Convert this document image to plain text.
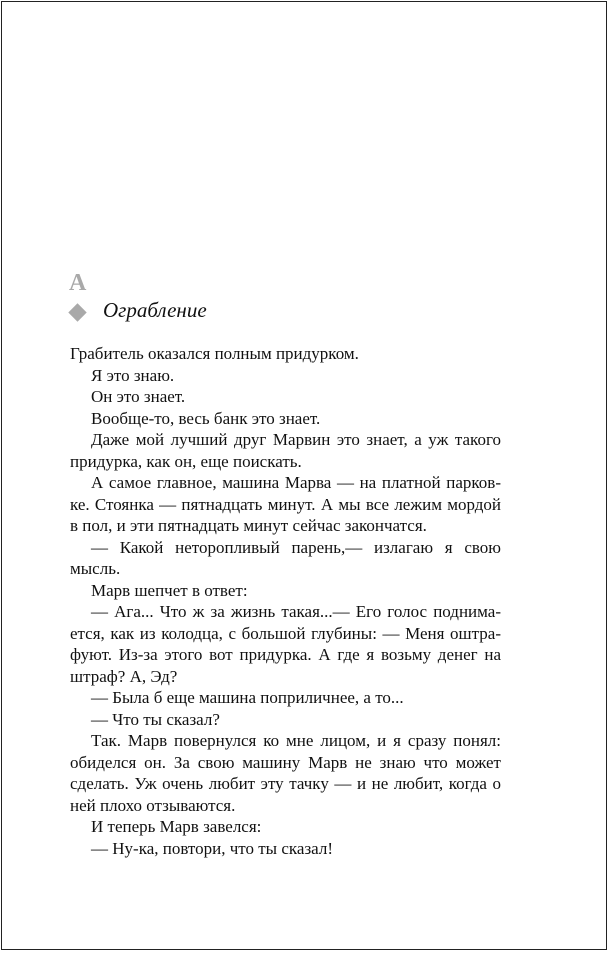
А
Ограбление
Грабитель оказался полным придурком.
Я это знаю.
Он это знает.
Вообще-то, весь банк это знает.
Даже мой лучший друг Марвин это знает, а уж такого
придурка, как он, еще поискать.
А самое главное, машина Марва — на платной парков-
ке. Стоянка — пятнадцать минут. А мы все лежим мордой
в пол, и эти пятнадцать минут сейчас закончатся.
— Какой неторопливый парень,— излагаю я свою
мысль.
Марв шепчет в ответ:
— Ага... Что ж за жизнь такая...— Его голос поднима-
ется, как из колодца, с большой глубины: — Меня оштра-
фуют. Из-за этого вот придурка. А где я возьму денег на
штраф? А, Эд?
— Была б еще машина поприличнее, а то...
— Что ты сказал?
Так. Марв повернулся ко мне лицом, и я сразу понял:
обиделся он. За свою машину Марв не знаю что может
сделать. Уж очень любит эту тачку — и не любит, когда о
ней плохо отзываются.
И теперь Марв завелся:
— Ну-ка, повтори, что ты сказал!
